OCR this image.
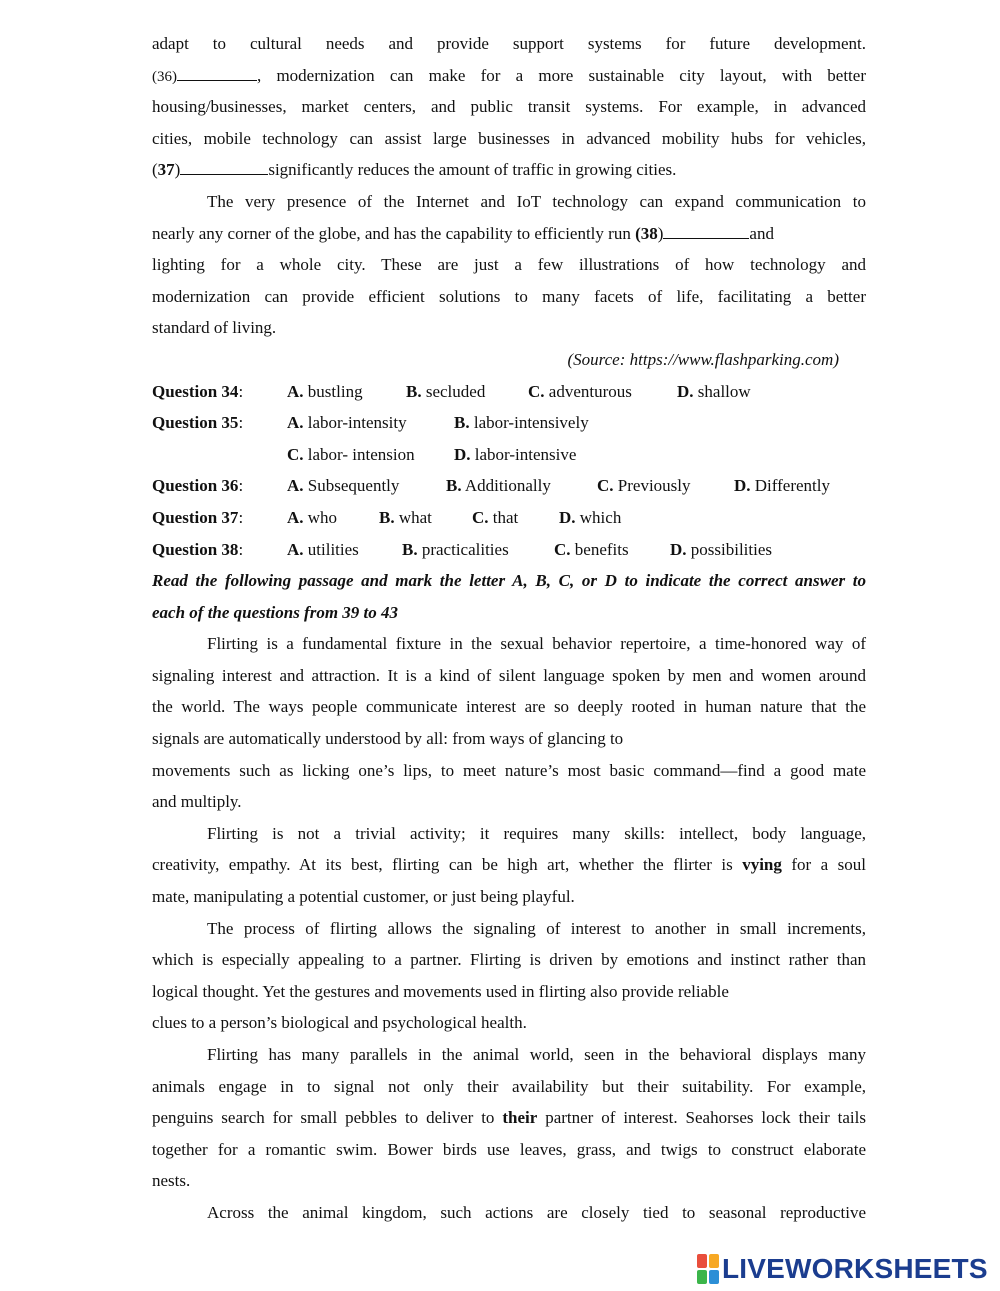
adapt to cultural needs and provide support systems for future development.
(36)	, modernization can make for a more sustainable city layout, with better
housing/businesses, market centers, and public transit systems. For example, in advanced
cities, mobile technology can assist large businesses in advanced mobility hubs for vehicles,
(37)	significantly reduces the amount of traffic in growing cities.
The very presence of the Internet and IoT technology can expand communication to
nearly any corner of the globe, and has the capability to efficiently run (38)	and
lighting for a whole city. These are just a few illustrations of how technology and
modernization can provide efficient solutions to many facets of life, facilitating a better
standard of living.
(Source: https://www.flashparking.com)
Question 34:	A. bustling	B. secluded	C. adventurous	D. shallow
Question 35:	A. labor-intensity	B. labor-intensively
C. labor- intension D. labor-intensive
Question 36:	A. Subsequently	B. Additionally	C. Previously	D. Differently
Question 37:	A. who B. what C. that D. which
Question 38:	A. utilities	B. practicalities	C. benefits D. possibilities
Read the following passage and mark the letter A, B, C, or D to indicate the correct answer to
each of the questions from 39 to 43
Flirting is a fundamental fixture in the sexual behavior repertoire, a time-honored way of
signaling interest and attraction. It is a kind of silent language spoken by men and women around
the world. The ways people communicate interest are so deeply rooted in human nature that the
signals are automatically understood by all: from ways of glancing to
movements such as licking one’s lips, to meet nature’s most basic command—find a good mate
and multiply.
Flirting is not a trivial activity; it requires many skills: intellect, body language,
creativity, empathy. At its best, flirting can be high art, whether the flirter is vying for a soul
mate, manipulating a potential customer, or just being playful.
The process of flirting allows the signaling of interest to another in small increments,
which is especially appealing to a partner. Flirting is driven by emotions and instinct rather than
logical thought. Yet the gestures and movements used in flirting also provide reliable
clues to a person’s biological and psychological health.
Flirting has many parallels in the animal world, seen in the behavioral displays many
animals engage in to signal not only their availability but their suitability. For example,
penguins search for small pebbles to deliver to their partner of interest. Seahorses lock their tails
together for a romantic swim. Bower birds use leaves, grass, and twigs to construct elaborate
nests.
Across the animal kingdom, such actions are closely tied to seasonal reproductive
LIVEWORKSHEETS
